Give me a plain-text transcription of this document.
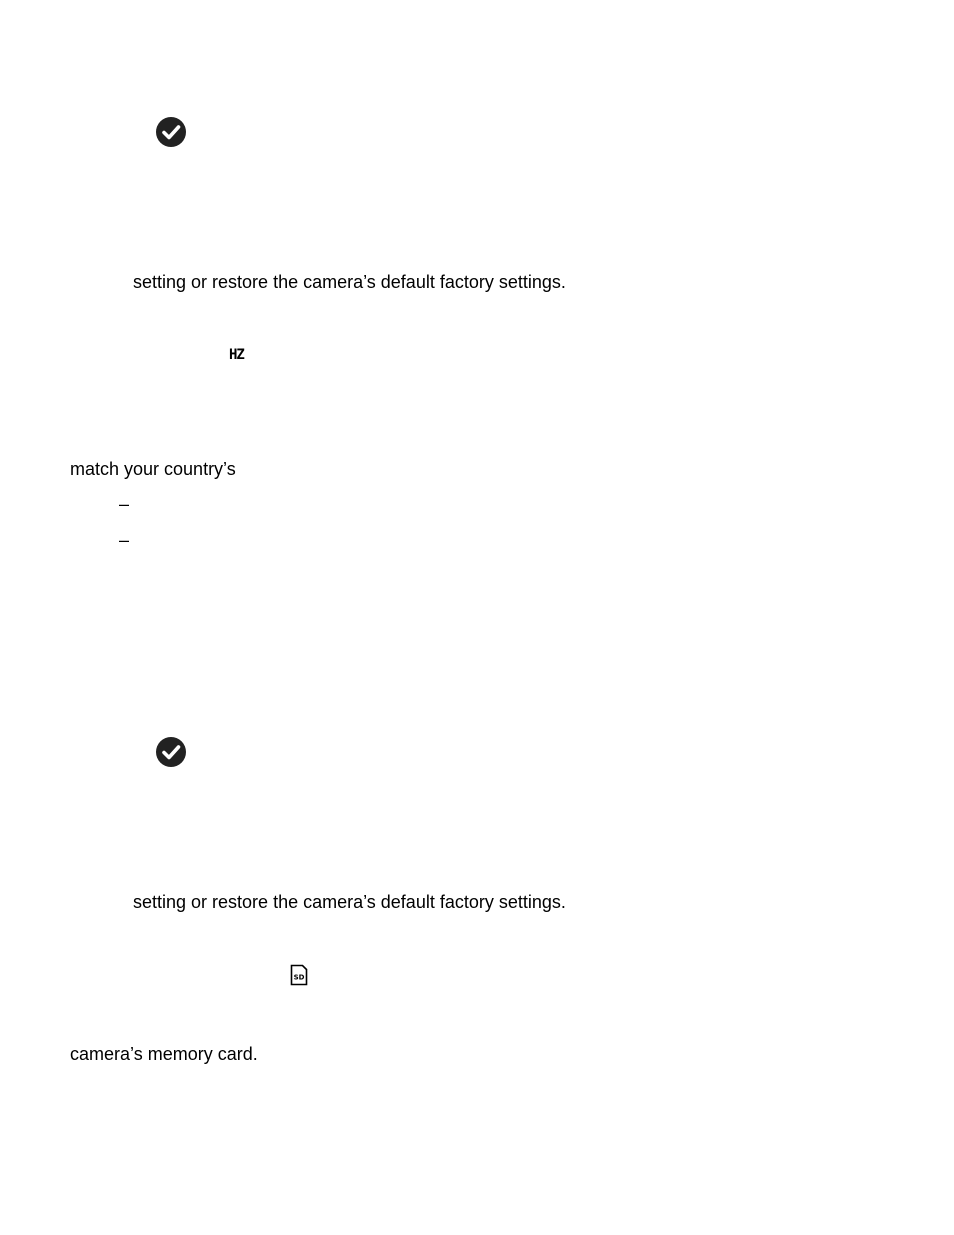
setting or restore the camera’s default factory settings.
HZ
match your country’s
–
–
setting or restore the camera’s default factory settings.
SD
camera’s memory card.
